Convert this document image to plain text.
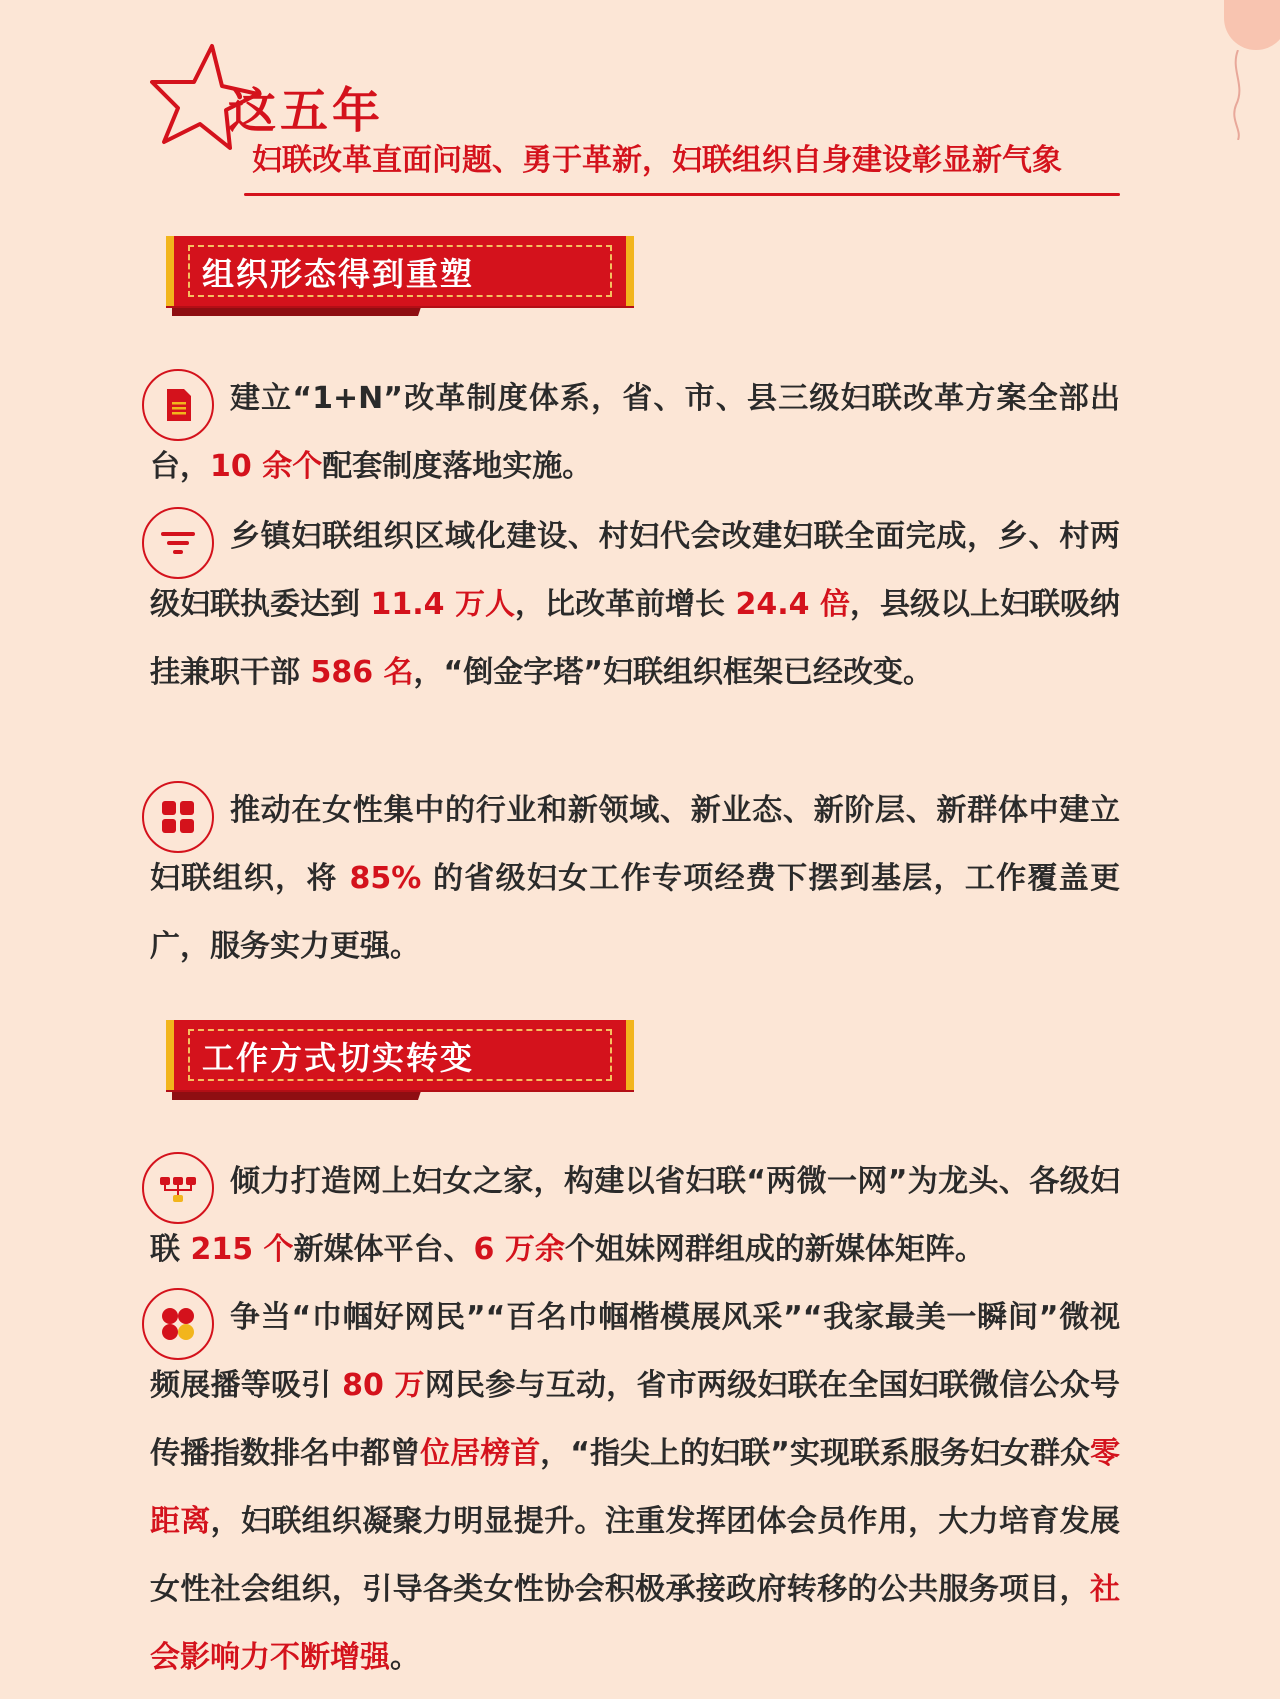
这五年
妇联改革直面问题、勇于革新，妇联组织自身建设彰显新气象
组织形态得到重塑

建立“1+N”改革制度体系，省、市、县三级妇联改革方案全部出台，10 余个配套制度落地实施。

乡镇妇联组织区域化建设、村妇代会改建妇联全面完成，乡、村两级妇联执委达到 11.4 万人，比改革前增长 24.4 倍，县级以上妇联吸纳挂兼职干部 586 名，“倒金字塔”妇联组织框架已经改变。

推动在女性集中的行业和新领域、新业态、新阶层、新群体中建立妇联组织，将 85% 的省级妇女工作专项经费下摆到基层，工作覆盖更广，服务实力更强。

工作方式切实转变

倾力打造网上妇女之家，构建以省妇联“两微一网”为龙头、各级妇联 215 个新媒体平台、6 万余个姐妹网群组成的新媒体矩阵。

争当“巾帼好网民”“百名巾帼楷模展风采”“我家最美一瞬间”微视频展播等吸引 80 万网民参与互动，省市两级妇联在全国妇联微信公众号传播指数排名中都曾位居榜首，“指尖上的妇联”实现联系服务妇女群众零距离，妇联组织凝聚力明显提升。注重发挥团体会员作用，大力培育发展女性社会组织，引导各类女性协会积极承接政府转移的公共服务项目，社会影响力不断增强。
